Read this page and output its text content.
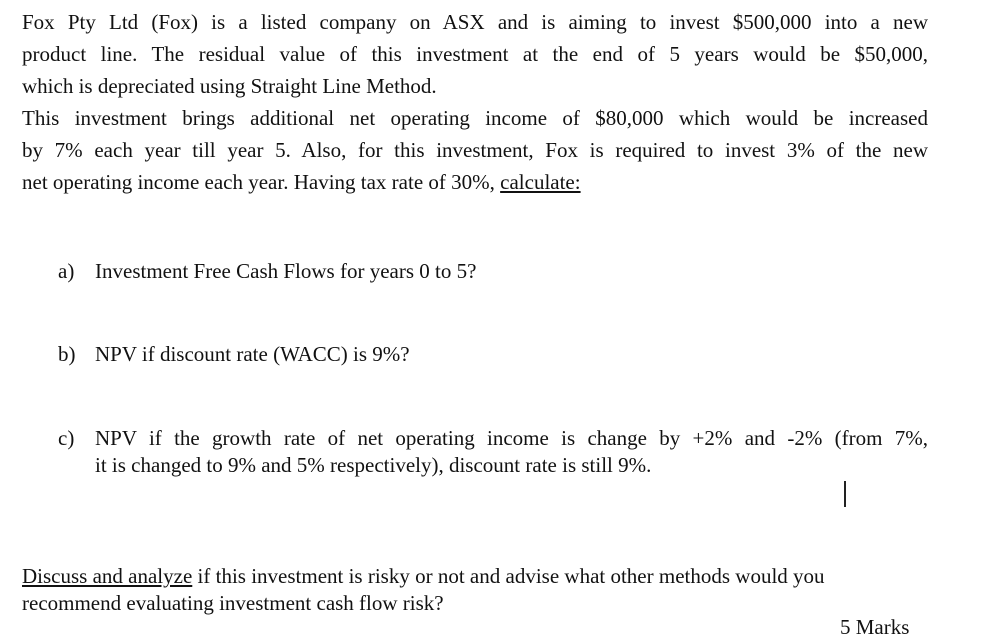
Fox Pty Ltd (Fox) is a listed company on ASX and is aiming to invest $500,000 into a new
product line. The residual value of this investment at the end of 5 years would be $50,000,
which is depreciated using Straight Line Method.

This investment brings additional net operating income of $80,000 which would be increased
by 7% each year till year 5. Also, for this investment, Fox is required to invest 3% of the new
net operating income each year. Having tax rate of 30%, calculate:

a) Investment Free Cash Flows for years 0 to 5?
b) NPV if discount rate (WACC) is 9%?
c) NPV if the growth rate of net operating income is change by +2% and -2% (from 7%,
it is changed to 9% and 5% respectively), discount rate is still 9%.

Discuss and analyze if this investment is risky or not and advise what other methods would you
recommend evaluating investment cash flow risk?

5 Marks
